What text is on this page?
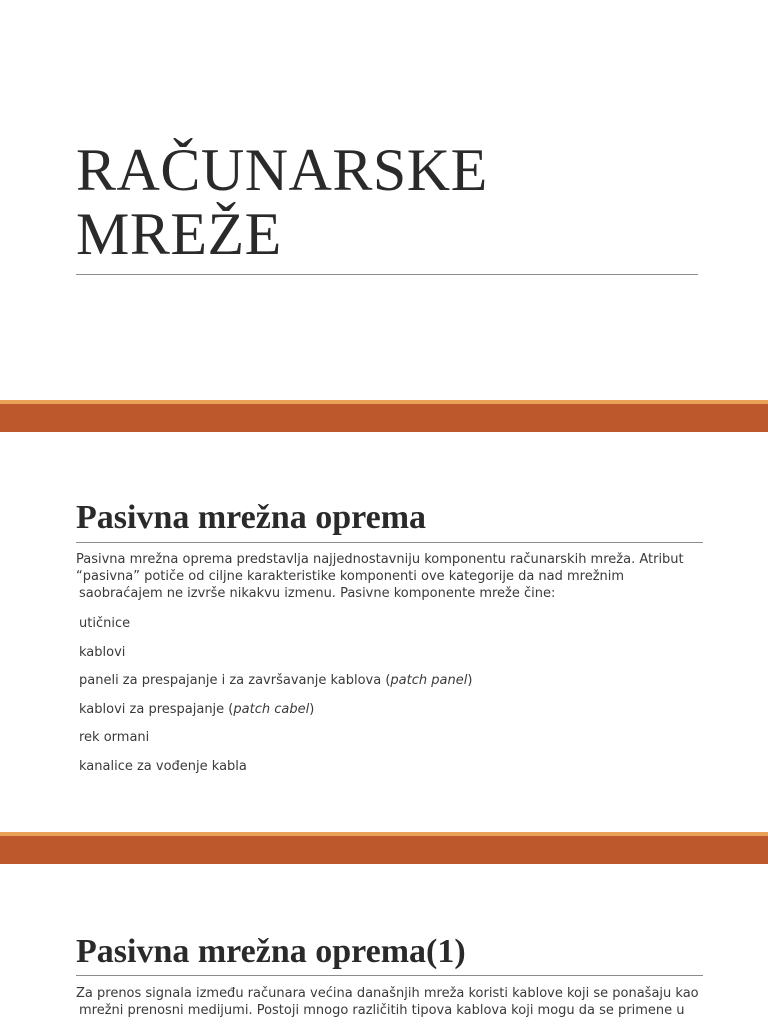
RAČUNARSKE
MREŽE
Pasivna mrežna oprema

Pasivna mrežna oprema predstavlja najjednostavniju komponentu računarskih mreža. Atribut
“pasivna” potiče od ciljne karakteristike komponenti ove kategorije da nad mrežnim
saobraćajem ne izvrše nikakvu izmenu. Pasivne komponente mreže čine:

utičnice
kablovi
paneli za prespajanje i za završavanje kablova (patch panel)
kablovi za prespajanje (patch cabel)
rek ormani
kanalice za vođenje kabla
Pasivna mrežna oprema(1)

Za prenos signala između računara većina današnjih mreža koristi kablove koji se ponašaju kao
mrežni prenosni medijumi. Postoji mnogo različitih tipova kablova koji mogu da se primene u
